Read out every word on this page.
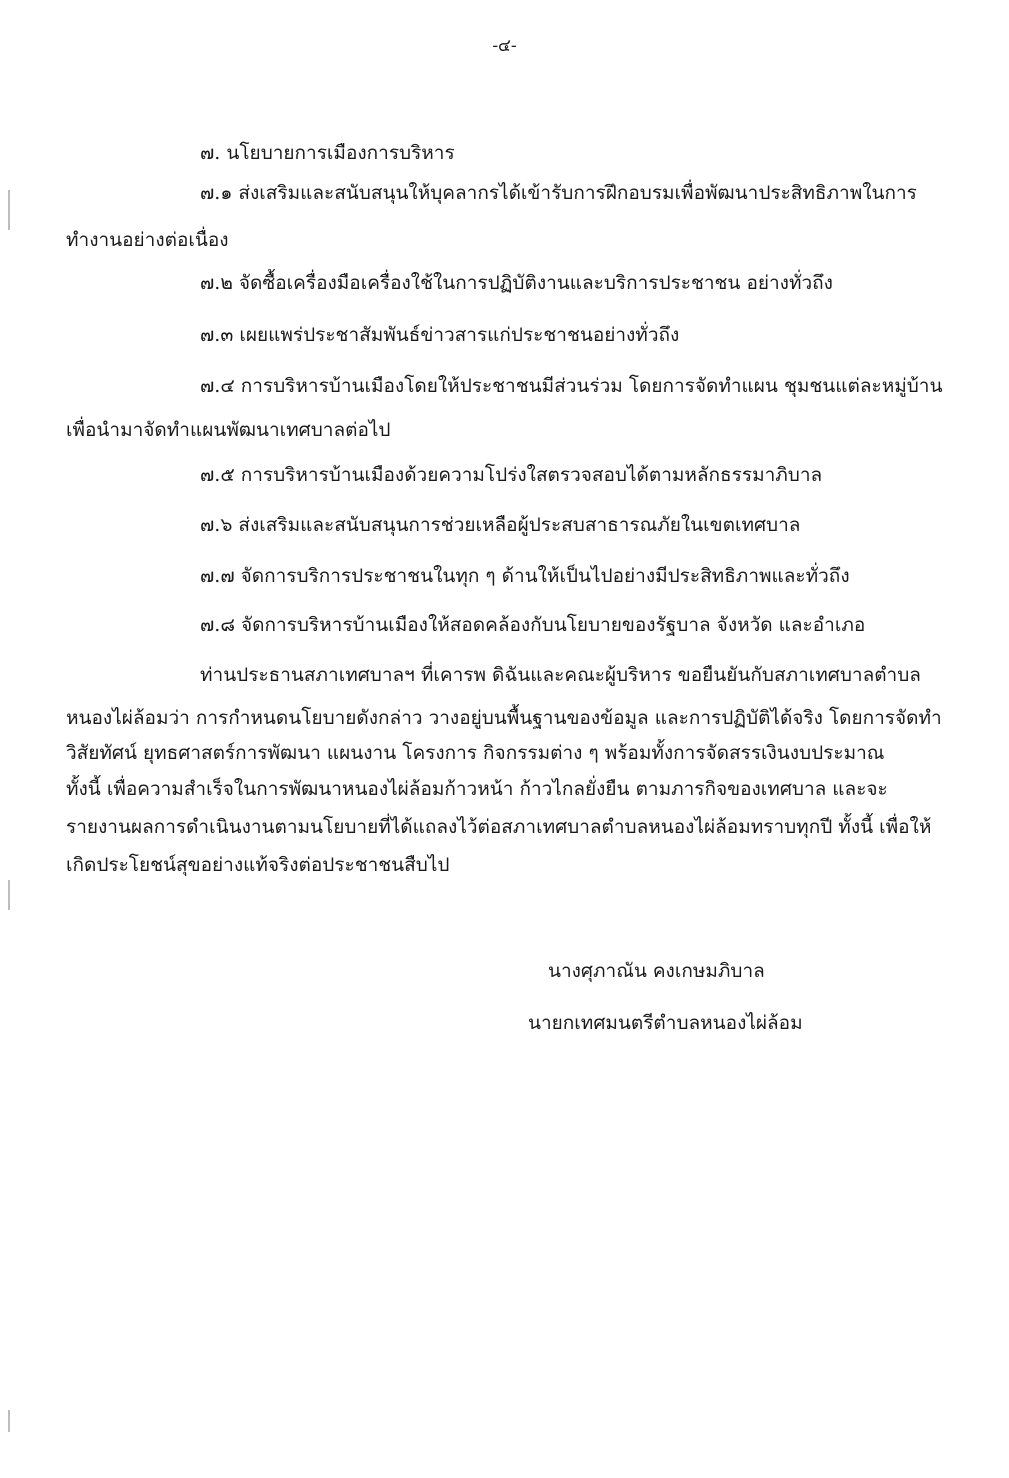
-๔-
๗. นโยบายการเมืองการบริหาร
๗.๑ ส่งเสริมและสนับสนุนให้บุคลากรได้เข้ารับการฝึกอบรมเพื่อพัฒนาประสิทธิภาพในการ
ทำงานอย่างต่อเนื่อง
๗.๒ จัดซื้อเครื่องมือเครื่องใช้ในการปฏิบัติงานและบริการประชาชน อย่างทั่วถึง
๗.๓ เผยแพร่ประชาสัมพันธ์ข่าวสารแก่ประชาชนอย่างทั่วถึง
๗.๔ การบริหารบ้านเมืองโดยให้ประชาชนมีส่วนร่วม โดยการจัดทำแผน ชุมชนแต่ละหมู่บ้าน
เพื่อนำมาจัดทำแผนพัฒนาเทศบาลต่อไป
๗.๕ การบริหารบ้านเมืองด้วยความโปร่งใสตรวจสอบได้ตามหลักธรรมาภิบาล
๗.๖ ส่งเสริมและสนับสนุนการช่วยเหลือผู้ประสบสาธารณภัยในเขตเทศบาล
๗.๗ จัดการบริการประชาชนในทุก ๆ ด้านให้เป็นไปอย่างมีประสิทธิภาพและทั่วถึง
๗.๘ จัดการบริหารบ้านเมืองให้สอดคล้องกับนโยบายของรัฐบาล จังหวัด และอำเภอ
ท่านประธานสภาเทศบาลฯ ที่เคารพ ดิฉันและคณะผู้บริหาร ขอยืนยันกับสภาเทศบาลตำบล
หนองไผ่ล้อมว่า การกำหนดนโยบายดังกล่าว วางอยู่บนพื้นฐานของข้อมูล และการปฏิบัติได้จริง โดยการจัดทำ
วิสัยทัศน์ ยุทธศาสตร์การพัฒนา แผนงาน โครงการ กิจกรรมต่าง ๆ พร้อมทั้งการจัดสรรเงินงบประมาณ
ทั้งนี้ เพื่อความสำเร็จในการพัฒนาหนองไผ่ล้อมก้าวหน้า ก้าวไกลยั่งยืน ตามภารกิจของเทศบาล และจะ
รายงานผลการดำเนินงานตามนโยบายที่ได้แถลงไว้ต่อสภาเทศบาลตำบลหนองไผ่ล้อมทราบทุกปี ทั้งนี้ เพื่อให้
เกิดประโยชน์สุขอย่างแท้จริงต่อประชาชนสืบไป
นางศุภาณัน คงเกษมภิบาล
นายกเทศมนตรีตำบลหนองไผ่ล้อม
